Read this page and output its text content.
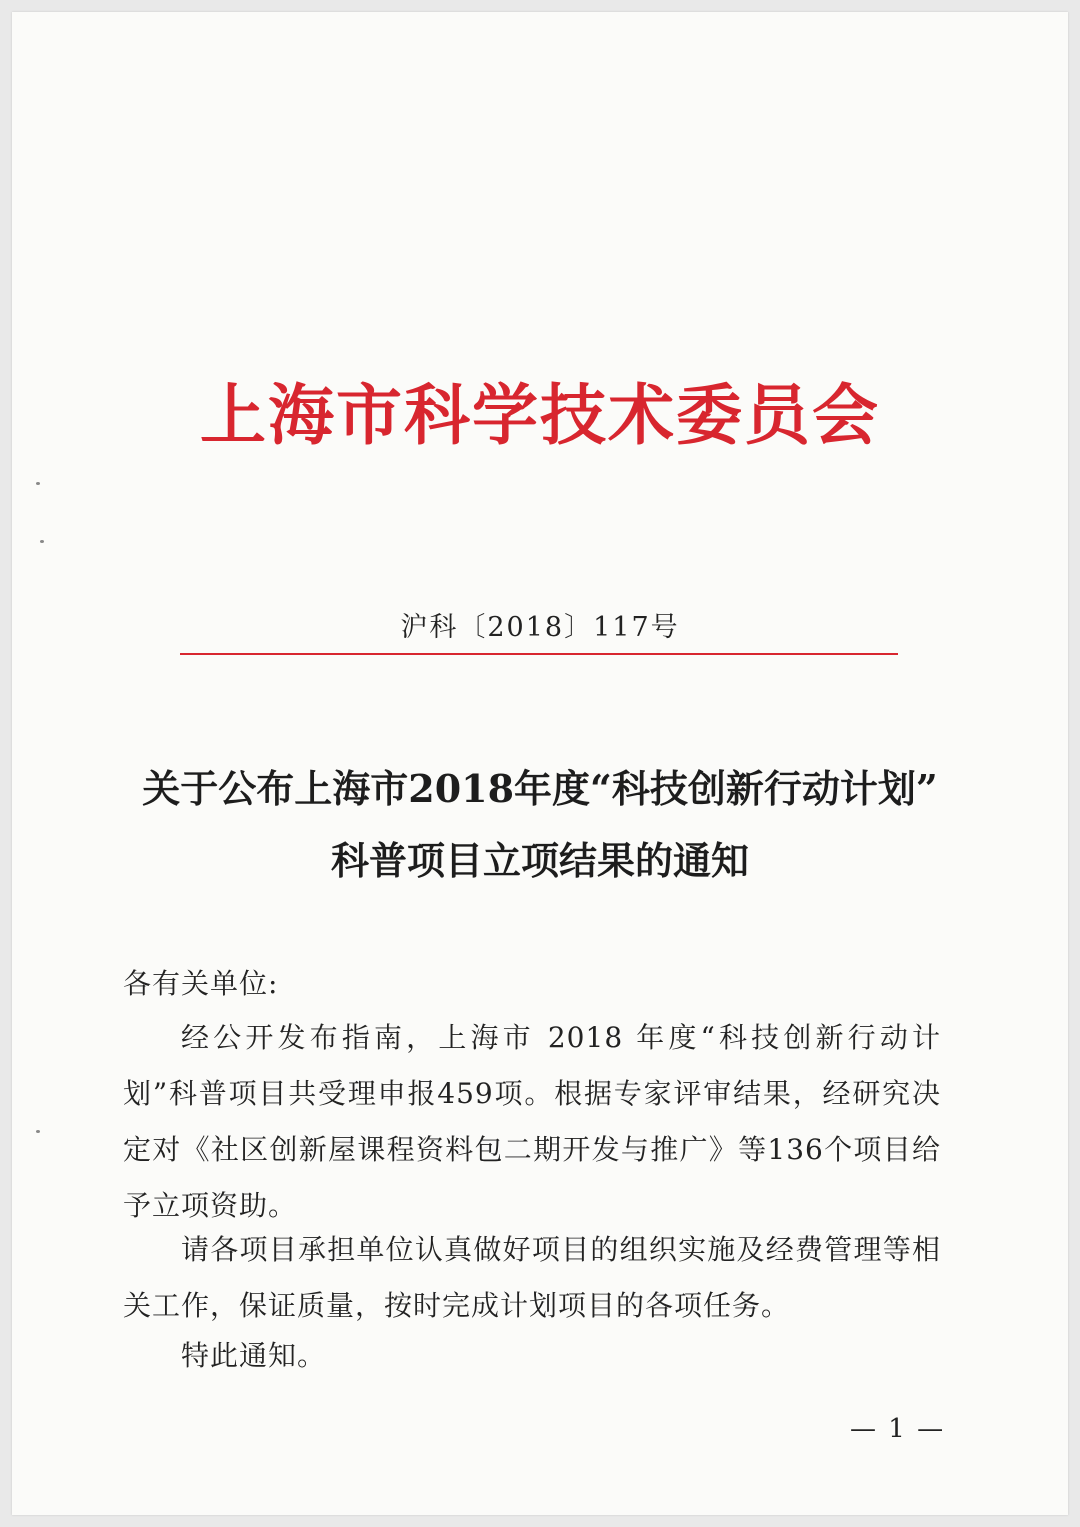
上海市科学技术委员会
沪科〔2018〕117号
关于公布上海市2018年度“科技创新行动计划”
科普项目立项结果的通知
各有关单位:
经公开发布指南，上海市 2018 年度“科技创新行动计划”科普项目共受理申报459项。根据专家评审结果，经研究决定对《社区创新屋课程资料包二期开发与推广》等136个项目给予立项资助。
请各项目承担单位认真做好项目的组织实施及经费管理等相关工作，保证质量，按时完成计划项目的各项任务。
特此通知。
— 1 —
